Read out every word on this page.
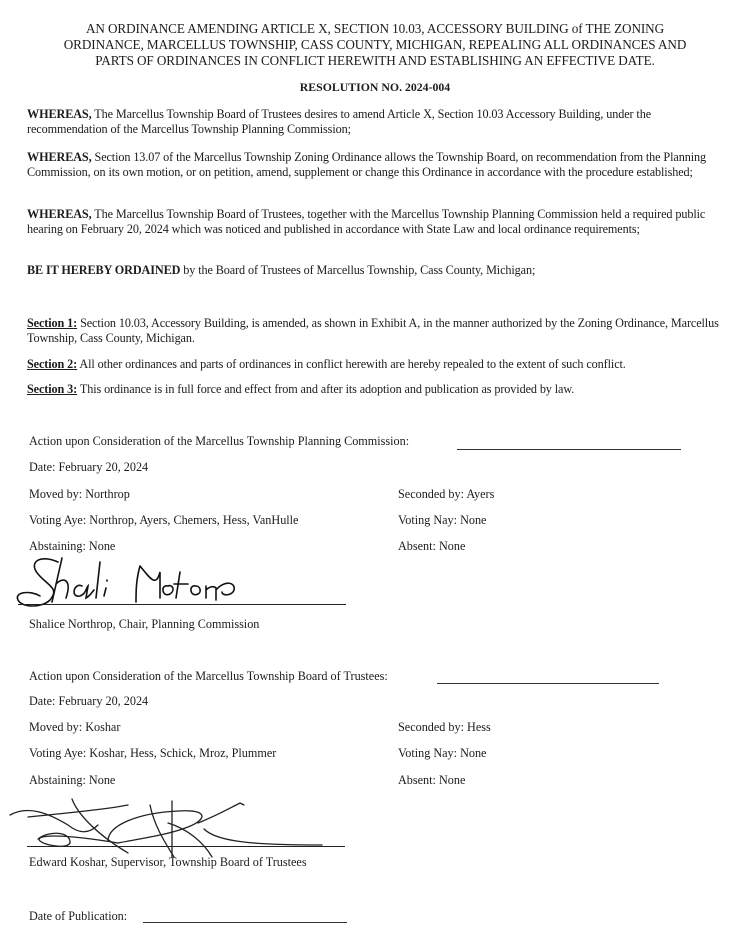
AN ORDINANCE AMENDING ARTICLE X, SECTION 10.03, ACCESSORY BUILDING of THE ZONING
ORDINANCE, MARCELLUS TOWNSHIP, CASS COUNTY, MICHIGAN, REPEALING ALL ORDINANCES AND
PARTS OF ORDINANCES IN CONFLICT HEREWITH AND ESTABLISHING AN EFFECTIVE DATE.
RESOLUTION NO. 2024-004
WHEREAS, The Marcellus Township Board of Trustees desires to amend Article X, Section 10.03 Accessory Building, under the recommendation of the Marcellus Township Planning Commission;
WHEREAS, Section 13.07 of the Marcellus Township Zoning Ordinance allows the Township Board, on recommendation from the Planning Commission, on its own motion, or on petition, amend, supplement or change this Ordinance in accordance with the procedure established;
WHEREAS, The Marcellus Township Board of Trustees, together with the Marcellus Township Planning Commission held a required public hearing on February 20, 2024 which was noticed and published in accordance with State Law and local ordinance requirements;
BE IT HEREBY ORDAINED by the Board of Trustees of Marcellus Township, Cass County, Michigan;
Section 1: Section 10.03, Accessory Building, is amended, as shown in Exhibit A, in the manner authorized by the Zoning Ordinance, Marcellus Township, Cass County, Michigan.
Section 2: All other ordinances and parts of ordinances in conflict herewith are hereby repealed to the extent of such conflict.
Section 3: This ordinance is in full force and effect from and after its adoption and publication as provided by law.
Action upon Consideration of the Marcellus Township Planning Commission:
Date: February 20, 2024
Moved by: Northrop	Seconded by: Ayers
Voting Aye: Northrop, Ayers, Chemers, Hess, VanHulle	Voting Nay: None
Abstaining: None	Absent: None
Shalice Northrop, Chair, Planning Commission
Action upon Consideration of the Marcellus Township Board of Trustees:
Date: February 20, 2024
Moved by: Koshar	Seconded by: Hess
Voting Aye: Koshar, Hess, Schick, Mroz, Plummer	Voting Nay: None
Abstaining: None	Absent: None
Edward Koshar, Supervisor, Township Board of Trustees
Date of Publication:
